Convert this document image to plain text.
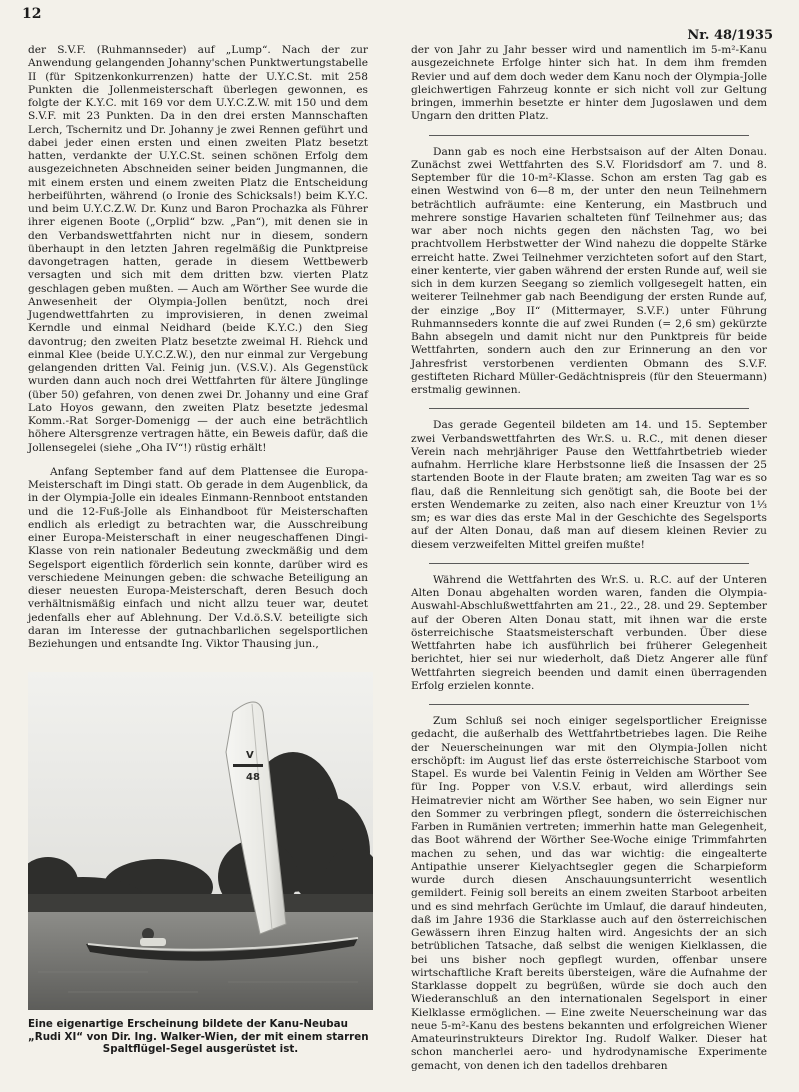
12
Nr. 48/1935

der S.V.F. (Ruhmannseder) auf „Lump“. Nach der zur Anwendung gelangenden Johanny'schen Punktwertungstabelle II (für Spitzenkonkurrenzen) hatte der U.Y.C.St. mit 258 Punkten die Jollenmeisterschaft überlegen gewonnen, es folgte der K.Y.C. mit 169 vor dem U.Y.C.Z.W. mit 150 und dem S.V.F. mit 23 Punkten. Da in den drei ersten Mannschaften Lerch, Tschernitz und Dr. Johanny je zwei Rennen geführt und dabei jeder einen ersten und einen zweiten Platz besetzt hatten, verdankte der U.Y.C.St. seinen schönen Erfolg dem ausgezeichneten Abschneiden seiner beiden Jungmannen, die mit einem ersten und einem zweiten Platz die Entscheidung herbeiführten, während (o Ironie des Schicksals!) beim K.Y.C. und beim U.Y.C.Z.W. Dr. Kunz und Baron Prochazka als Führer ihrer eigenen Boote („Orplid“ bzw. „Pan“), mit denen sie in den Verbandswettfahrten nicht nur in diesem, sondern überhaupt in den letzten Jahren regelmäßig die Punktpreise davongetragen hatten, gerade in diesem Wettbewerb versagten und sich mit dem dritten bzw. vierten Platz geschlagen geben mußten. — Auch am Wörther See wurde die Anwesenheit der Olympia-Jollen benützt, noch drei Jugendwettfahrten zu improvisieren, in denen zweimal Kerndle und einmal Neidhard (beide K.Y.C.) den Sieg davontrug; den zweiten Platz besetzte zweimal H. Riehck und einmal Klee (beide U.Y.C.Z.W.), den nur einmal zur Vergebung gelangenden dritten Val. Feinig jun. (V.S.V.). Als Gegenstück wurden dann auch noch drei Wettfahrten für ältere Jünglinge (über 50) gefahren, von denen zwei Dr. Johanny und eine Graf Lato Hoyos gewann, den zweiten Platz besetzte jedesmal Komm.-Rat Sorger-Domenigg — der auch eine beträchtlich höhere Altersgrenze vertragen hätte, ein Beweis dafür, daß die Jollensegelei (siehe „Oha IV“!) rüstig erhält!

Anfang September fand auf dem Plattensee die Europa-Meisterschaft im Dingi statt. Ob gerade in dem Augenblick, da in der Olympia-Jolle ein ideales Einmann-Rennboot entstanden und die 12-Fuß-Jolle als Einhandboot für Meisterschaften endlich als erledigt zu betrachten war, die Ausschreibung einer Europa-Meisterschaft in einer neugeschaffenen Dingi-Klasse von rein nationaler Bedeutung zweckmäßig und dem Segelsport eigentlich förderlich sein konnte, darüber wird es verschiedene Meinungen geben: die schwache Beteiligung an dieser neuesten Europa-Meisterschaft, deren Besuch doch verhältnismäßig einfach und nicht allzu teuer war, deutet jedenfalls eher auf Ablehnung. Der V.d.ö.S.V. beteiligte sich daran im Interesse der gutnachbarlichen segelsportlichen Beziehungen und entsandte Ing. Viktor Thausing jun.,

V
48
Eine eigenartige Erscheinung bildete der Kanu-Neubau
„Rudi XI“ von Dir. Ing. Walker-Wien, der mit einem starren
Spaltflügel-Segel ausgerüstet ist.

der von Jahr zu Jahr besser wird und namentlich im 5-m²-Kanu ausgezeichnete Erfolge hinter sich hat. In dem ihm fremden Revier und auf dem doch weder dem Kanu noch der Olympia-Jolle gleichwertigen Fahrzeug konnte er sich nicht voll zur Geltung bringen, immerhin besetzte er hinter dem Jugoslawen und dem Ungarn den dritten Platz.

Dann gab es noch eine Herbstsaison auf der Alten Donau. Zunächst zwei Wettfahrten des S.V. Floridsdorf am 7. und 8. September für die 10-m²-Klasse. Schon am ersten Tag gab es einen Westwind von 6—8 m, der unter den neun Teilnehmern beträchtlich aufräumte: eine Kenterung, ein Mastbruch und mehrere sonstige Havarien schalteten fünf Teilnehmer aus; das war aber noch nichts gegen den nächsten Tag, wo bei prachtvollem Herbstwetter der Wind nahezu die doppelte Stärke erreicht hatte. Zwei Teilnehmer verzichteten sofort auf den Start, einer kenterte, vier gaben während der ersten Runde auf, weil sie sich in dem kurzen Seegang so ziemlich vollgesegelt hatten, ein weiterer Teilnehmer gab nach Beendigung der ersten Runde auf, der einzige „Boy II“ (Mittermayer, S.V.F.) unter Führung Ruhmannseders konnte die auf zwei Runden (= 2,6 sm) gekürzte Bahn absegeln und damit nicht nur den Punktpreis für beide Wettfahrten, sondern auch den zur Erinnerung an den vor Jahresfrist verstorbenen verdienten Obmann des S.V.F. gestifteten Richard Müller-Gedächtnispreis (für den Steuermann) erstmalig gewinnen.

Das gerade Gegenteil bildeten am 14. und 15. September zwei Verbandswettfahrten des Wr.S. u. R.C., mit denen dieser Verein nach mehrjähriger Pause den Wettfahrtbetrieb wieder aufnahm. Herrliche klare Herbstsonne ließ die Insassen der 25 startenden Boote in der Flaute braten; am zweiten Tag war es so flau, daß die Rennleitung sich genötigt sah, die Boote bei der ersten Wendemarke zu zeiten, also nach einer Kreuztur von 1⅓ sm; es war dies das erste Mal in der Geschichte des Segelsports auf der Alten Donau, daß man auf diesem kleinen Revier zu diesem verzweifelten Mittel greifen mußte!

Während die Wettfahrten des Wr.S. u. R.C. auf der Unteren Alten Donau abgehalten worden waren, fanden die Olympia-Auswahl-Abschlußwettfahrten am 21., 22., 28. und 29. September auf der Oberen Alten Donau statt, mit ihnen war die erste österreichische Staatsmeisterschaft verbunden. Über diese Wettfahrten habe ich ausführlich bei früherer Gelegenheit berichtet, hier sei nur wiederholt, daß Dietz Angerer alle fünf Wettfahrten siegreich beenden und damit einen überragenden Erfolg erzielen konnte.

Zum Schluß sei noch einiger segelsportlicher Ereignisse gedacht, die außerhalb des Wettfahrtbetriebes lagen. Die Reihe der Neuerscheinungen war mit den Olympia-Jollen nicht erschöpft: im August lief das erste österreichische Starboot vom Stapel. Es wurde bei Valentin Feinig in Velden am Wörther See für Ing. Popper von V.S.V. erbaut, wird allerdings sein Heimatrevier nicht am Wörther See haben, wo sein Eigner nur den Sommer zu verbringen pflegt, sondern die österreichischen Farben in Rumänien vertreten; immerhin hatte man Gelegenheit, das Boot während der Wörther See-Woche einige Trimmfahrten machen zu sehen, und das war wichtig: die eingealterte Antipathie unserer Kielyachtsegler gegen die Scharpieform wurde durch diesen Anschauungsunterricht wesentlich gemildert. Feinig soll bereits an einem zweiten Starboot arbeiten und es sind mehrfach Gerüchte im Umlauf, die darauf hindeuten, daß im Jahre 1936 die Starklasse auch auf den österreichischen Gewässern ihren Einzug halten wird. Angesichts der an sich betrüblichen Tatsache, daß selbst die wenigen Kielklassen, die bei uns bisher noch gepflegt wurden, offenbar unsere wirtschaftliche Kraft bereits übersteigen, wäre die Aufnahme der Starklasse doppelt zu begrüßen, würde sie doch auch den Wiederanschluß an den internationalen Segelsport in einer Kielklasse ermöglichen. — Eine zweite Neuerscheinung war das neue 5-m²-Kanu des bestens bekannten und erfolgreichen Wiener Amateurinstrukteurs Direktor Ing. Rudolf Walker. Dieser hat schon mancherlei aero- und hydrodynamische Experimente gemacht, von denen ich den tadellos drehbaren
